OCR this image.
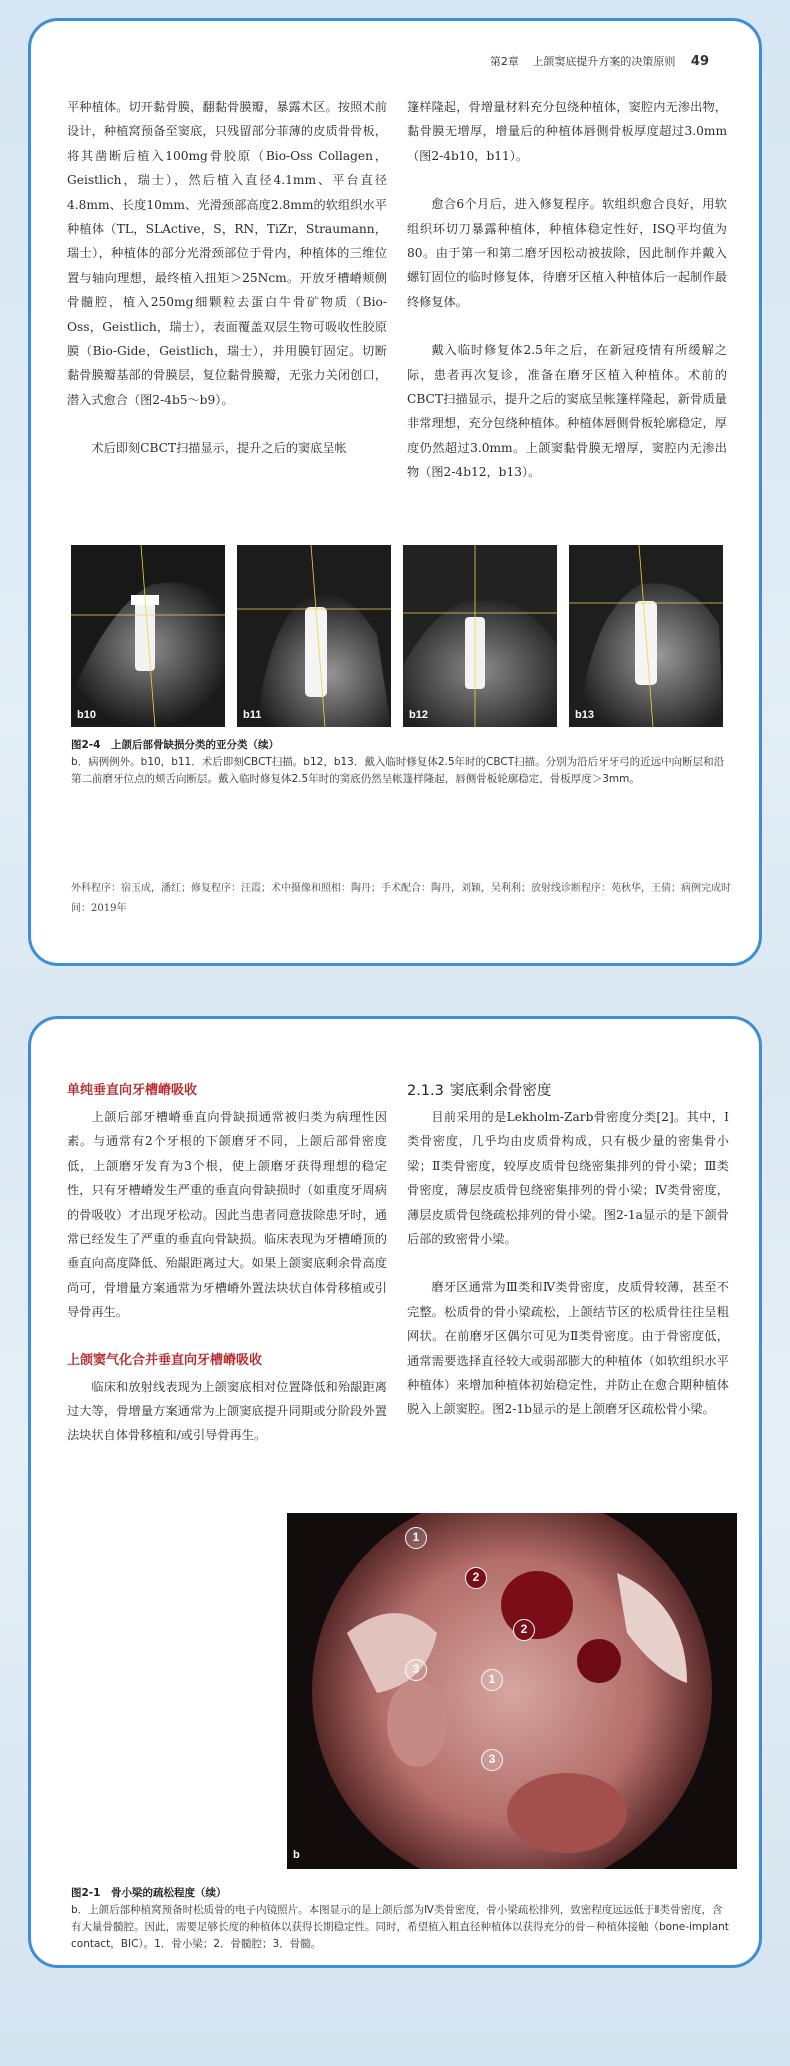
第2章 上颌窦底提升方案的决策原则 49

平种植体。切开黏骨膜，翻黏骨膜瓣，暴露术区。按照术前设计，种植窝预备至窦底，只残留部分菲薄的皮质骨骨板，将其凿断后植入100mg骨胶原（Bio-Oss Collagen，Geistlich，瑞士），然后植入直径4.1mm、平台直径4.8mm、长度10mm、光滑颈部高度2.8mm的软组织水平种植体（TL，SLActive，S，RN，TiZr，Straumann，瑞士），种植体的部分光滑颈部位于骨内，种植体的三维位置与轴向理想，最终植入扭矩＞25Ncm。开放牙槽嵴颊侧骨髓腔，植入250mg细颗粒去蛋白牛骨矿物质（Bio-Oss，Geistlich，瑞士），表面覆盖双层生物可吸收性胶原膜（Bio-Gide，Geistlich，瑞士），并用膜钉固定。切断黏骨膜瓣基部的骨膜层，复位黏骨膜瓣，无张力关闭创口，潜入式愈合（图2-4b5～b9）。

术后即刻CBCT扫描显示，提升之后的窦底呈帐

篷样隆起，骨增量材料充分包绕种植体，窦腔内无渗出物，黏骨膜无增厚，增量后的种植体唇侧骨板厚度超过3.0mm（图2-4b10，b11）。

愈合6个月后，进入修复程序。软组织愈合良好，用软组织环切刀暴露种植体，种植体稳定性好，ISQ平均值为80。由于第一和第二磨牙因松动被拔除，因此制作并戴入螺钉固位的临时修复体，待磨牙区植入种植体后一起制作最终修复体。

戴入临时修复体2.5年之后，在新冠疫情有所缓解之际，患者再次复诊，准备在磨牙区植入种植体。术前的CBCT扫描显示，提升之后的窦底呈帐篷样隆起，新骨质量非常理想，充分包绕种植体。种植体唇侧骨板轮廓稳定，厚度仍然超过3.0mm。上颌窦黏骨膜无增厚，窦腔内无渗出物（图2-4b12，b13）。

b10	b11	b12	b13
图2-4　上颌后部骨缺损分类的亚分类（续）
b．病例例外。b10，b11．术后即刻CBCT扫描。b12，b13．戴入临时修复体2.5年时的CBCT扫描。分别为沿后牙牙弓的近远中向断层和沿第二前磨牙位点的颊舌向断层。戴入临时修复体2.5年时的窦底仍然呈帐篷样隆起，唇侧骨板轮廓稳定，骨板厚度＞3mm。
外科程序：宿玉成，潘红；修复程序：汪霞；术中摄像和照相：陶丹；手术配合：陶丹，刘颖，吴利利；放射线诊断程序：苑秋华，王倩；病例完成时间：2019年
单纯垂直向牙槽嵴吸收

上颌后部牙槽嵴垂直向骨缺损通常被归类为病理性因素。与通常有2个牙根的下颌磨牙不同，上颌后部骨密度低，上颌磨牙发育为3个根，使上颌磨牙获得理想的稳定性，只有牙槽嵴发生严重的垂直向骨缺损时（如重度牙周病的骨吸收）才出现牙松动。因此当患者同意拔除患牙时，通常已经发生了严重的垂直向骨缺损。临床表现为牙槽嵴顶的垂直向高度降低、殆龈距离过大。如果上颌窦底剩余骨高度尚可，骨增量方案通常为牙槽嵴外置法块状自体骨移植或引导骨再生。

上颌窦气化合并垂直向牙槽嵴吸收

临床和放射线表现为上颌窦底相对位置降低和殆龈距离过大等，骨增量方案通常为上颌窦底提升同期或分阶段外置法块状自体骨移植和/或引导骨再生。

2.1.3 窦底剩余骨密度

目前采用的是Lekholm-Zarb骨密度分类[2]。其中，Ⅰ类骨密度，几乎均由皮质骨构成，只有极少量的密集骨小梁；Ⅱ类骨密度，较厚皮质骨包绕密集排列的骨小梁；Ⅲ类骨密度，薄层皮质骨包绕密集排列的骨小梁；Ⅳ类骨密度，薄层皮质骨包绕疏松排列的骨小梁。图2-1a显示的是下颌骨后部的致密骨小梁。

磨牙区通常为Ⅲ类和Ⅳ类骨密度，皮质骨较薄，甚至不完整。松质骨的骨小梁疏松，上颌结节区的松质骨往往呈粗网状。在前磨牙区偶尔可见为Ⅱ类骨密度。由于骨密度低，通常需要选择直径较大或弱部膨大的种植体（如软组织水平种植体）来增加种植体初始稳定性，并防止在愈合期种植体脱入上颌窦腔。图2-1b显示的是上颌磨牙区疏松骨小梁。

1
2
3
1
2
3
b
图2-1　骨小梁的疏松程度（续）
b．上颌后部种植窝预备时松质骨的电子内镜照片。本图显示的是上颌后部为Ⅳ类骨密度，骨小梁疏松排列，致密程度远远低于Ⅱ类骨密度，含有大量骨髓腔。因此，需要足够长度的种植体以获得长期稳定性。同时，希望植入粗直径种植体以获得充分的骨－种植体接触（bone-implant contact，BIC）。1．骨小梁；2．骨髓腔；3．骨髓。
